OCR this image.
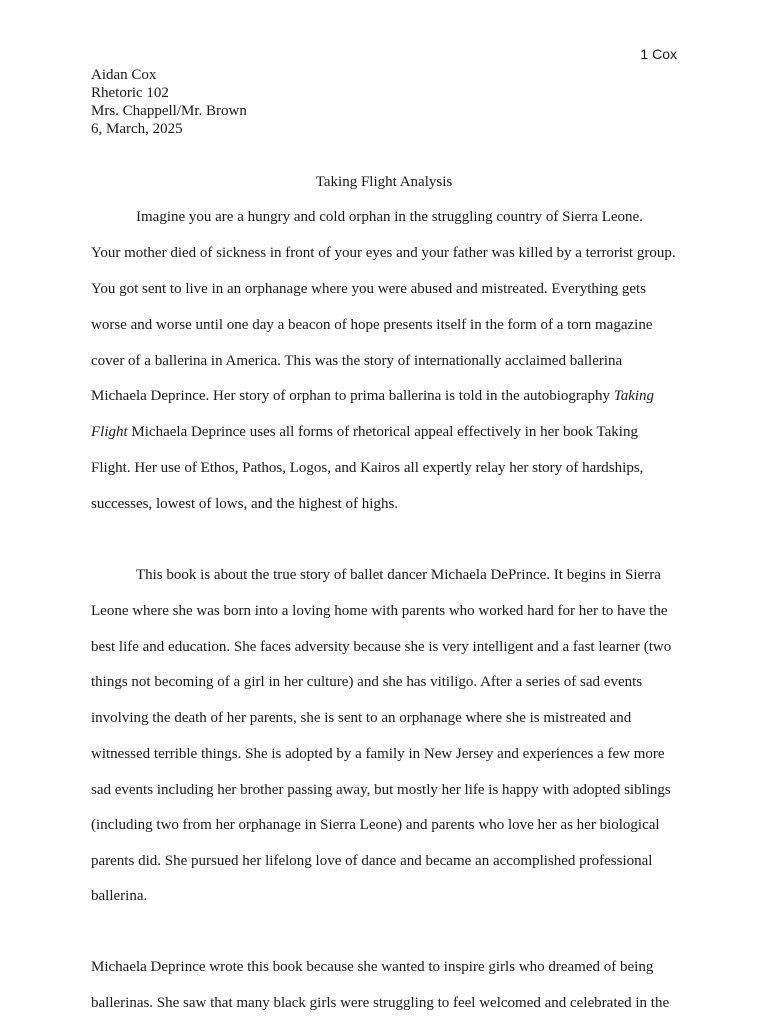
1 Cox
Aidan Cox
Rhetoric 102
Mrs. Chappell/Mr. Brown
6, March, 2025
Taking Flight Analysis
Imagine you are a hungry and cold orphan in the struggling country of Sierra Leone.
Your mother died of sickness in front of your eyes and your father was killed by a terrorist group.
You got sent to live in an orphanage where you were abused and mistreated. Everything gets
worse and worse until one day a beacon of hope presents itself in the form of a torn magazine
cover of a ballerina in America. This was the story of internationally acclaimed ballerina
Michaela Deprince. Her story of orphan to prima ballerina is told in the autobiography Taking
Flight Michaela Deprince uses all forms of rhetorical appeal effectively in her book Taking
Flight. Her use of Ethos, Pathos, Logos, and Kairos all expertly relay her story of hardships,
successes, lowest of lows, and the highest of highs.
This book is about the true story of ballet dancer Michaela DePrince. It begins in Sierra
Leone where she was born into a loving home with parents who worked hard for her to have the
best life and education. She faces adversity because she is very intelligent and a fast learner (two
things not becoming of a girl in her culture) and she has vitiligo. After a series of sad events
involving the death of her parents, she is sent to an orphanage where she is mistreated and
witnessed terrible things. She is adopted by a family in New Jersey and experiences a few more
sad events including her brother passing away, but mostly her life is happy with adopted siblings
(including two from her orphanage in Sierra Leone) and parents who love her as her biological
parents did. She pursued her lifelong love of dance and became an accomplished professional
ballerina.
Michaela Deprince wrote this book because she wanted to inspire girls who dreamed of being
ballerinas. She saw that many black girls were struggling to feel welcomed and celebrated in the
